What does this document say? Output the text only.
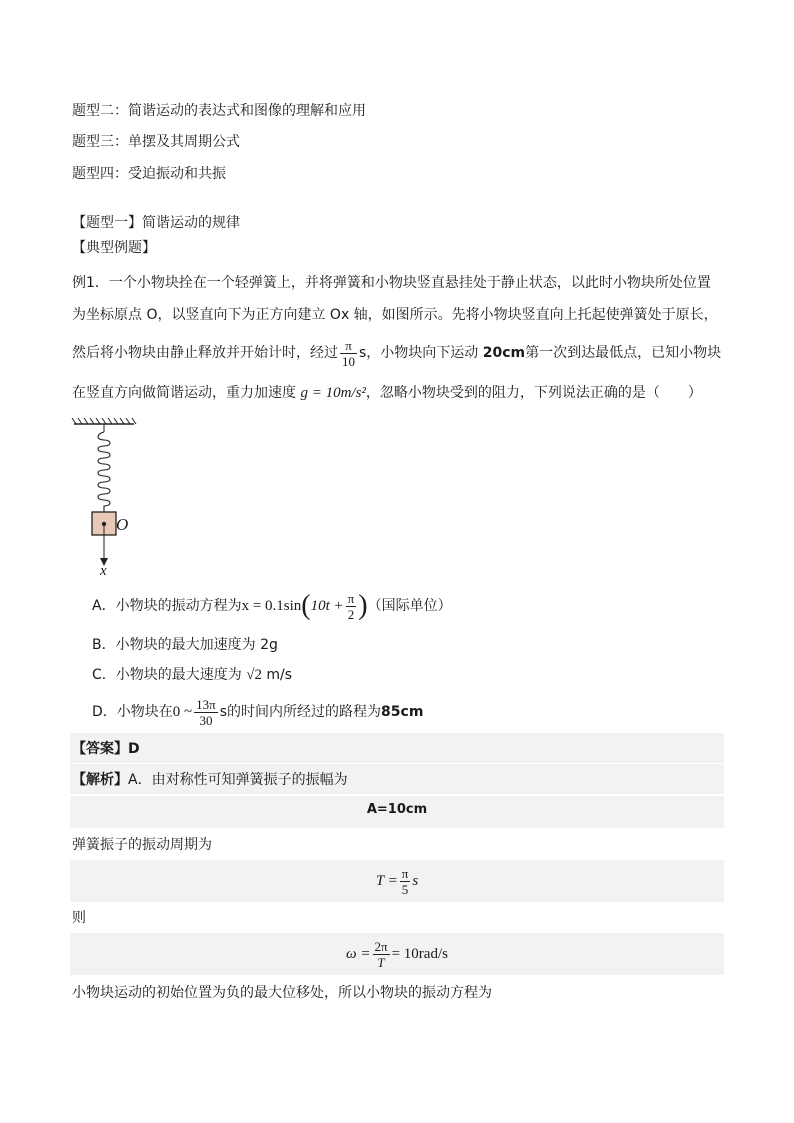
题型二：简谐运动的表达式和图像的理解和应用
题型三：单摆及其周期公式
题型四：受迫振动和共振
【题型一】简谐运动的规律
【典型例题】
例1．一个小物块拴在一个轻弹簧上，并将弹簧和小物块竖直悬挂处于静止状态，以此时小物块所处位置
为坐标原点 O，以竖直向下为正方向建立 Ox 轴，如图所示。先将小物块竖直向上托起使弹簧处于原长，
然后将小物块由静止释放并开始计时，经过 $\frac{\pi}{10}$ s，小物块向下运动 20cm第一次到达最低点，已知小物块
在竖直方向做简谐运动，重力加速度 g = 10m/s²，忽略小物块受到的阻力，下列说法正确的是（　　）
O
x
A．小物块的振动方程为$x = 0.1\sin(10t + \frac{\pi}{2}$ )（国际单位）
B．小物块的最大加速度为 2g
C．小物块的最大速度为 √2 m/s
D．小物块在0 ~ $\frac{13\pi}{30}$ s的时间内所经过的路程为85cm
【答案】D
【解析】A．由对称性可知弹簧振子的振幅为
A=10cm
弹簧振子的振动周期为
$T = \frac{\pi}{5}$ s
则
$\omega = \frac{2\pi}{T} = 10rad/s$
小物块运动的初始位置为负的最大位移处，所以小物块的振动方程为
